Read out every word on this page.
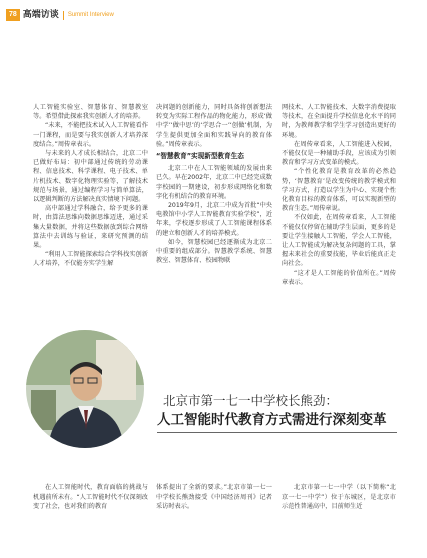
78 高端访谈 Summit Interview

人工智能实验室、智慧体育、智慧教室等。希望借此探索我实创新人才的培养。

“未来，不能把技术试入人工智能看作一门课程，而是要与我实创新人才培养深度结合。”周传章表示。

与未来的人才成长相结合，北京二中已做好布局：初中部通过传统的劳动课程、信息技术、科学课程、电子技术、单片机技术、数字化物理实验等，了解技术规范与场景，通过编程学习与简单算法，以逻辑判断的方法解决真实情境下问题。

高中部通过学科融合，给予更多的课时，由算法思维向数据思维迈进，通过采集大量数据，并将这些数据放到综合网络算法中去训练与验证，来研究预测的结果。

“利用人工智能探索综合学科找实创新人才培养，不仅能夯实学生解

决问题的创新能力，同时具备将创新想法转变为实际工程作品的物化能力，形成‘做中学’‘做中思’的‘学思合一’‘创做’机制，为学生提供更加全面和实践导向的教育体验。”周传章表示。

“智慧教育”实现新型教育生态

北京二中在人工智能领域的发展由来已久。早在2002年，北京二中已经完成数字校园的一期建设，初步形成网络化和数字化有机结合的教育环境。

2019年9月，北京二中成为首批“中央电教馆中小学人工智能教育实验学校”，近年来，学校逐步形成了人工智能课程体系的建立和创新人才的培养模式。

如今，智慧校园已经逐渐成为北京二中重要的组成部分。智慧教学系统、智慧教室、智慧体育、校园物联

网技术、人工智能技术、大数字消费提取等技术，在全面提升学校信息化水平的同时，为教师教学和学生学习创造出更好的环境。

在周传章看来，人工智能进入校园，不能仅仅是一种辅助手段，应该成为引领教育和学习方式变革的模式。

“个性化教育是教育改革的必然趋势，‘智慧教育’是改变传统的教学模式和学习方式，打造以学生为中心、实现个性化教育目标的教育体系，可以实现新型的教育生态。”周传章说。

不仅如此，在周传章看来，人工智能不能仅仅停留在辅助学生层面，更多的是要让学生接触人工智能，学会人工智能，让人工智能成为解决复杂问题的工具，掌握未来社会的重要技能，毕业后能真正走向社会。

“这才是人工智能的价值所在。”周传章表示。

北京市第一七一中学校长熊劲：
人工智能时代教育方式需进行深刻变革

在人工智能时代，教育面临的挑战与机遇前所未有。“人工智能时代不仅深刻改变了社会，也对我们的教育

体系提出了全新的要求。”北京市第一七一中学校长熊劲接受《中国经济周刊》记者采访时表示。

北京市第一七一中学（以下简称“北京一七一中学”）位于东城区，是北京市示范性普通高中，目前师生近
